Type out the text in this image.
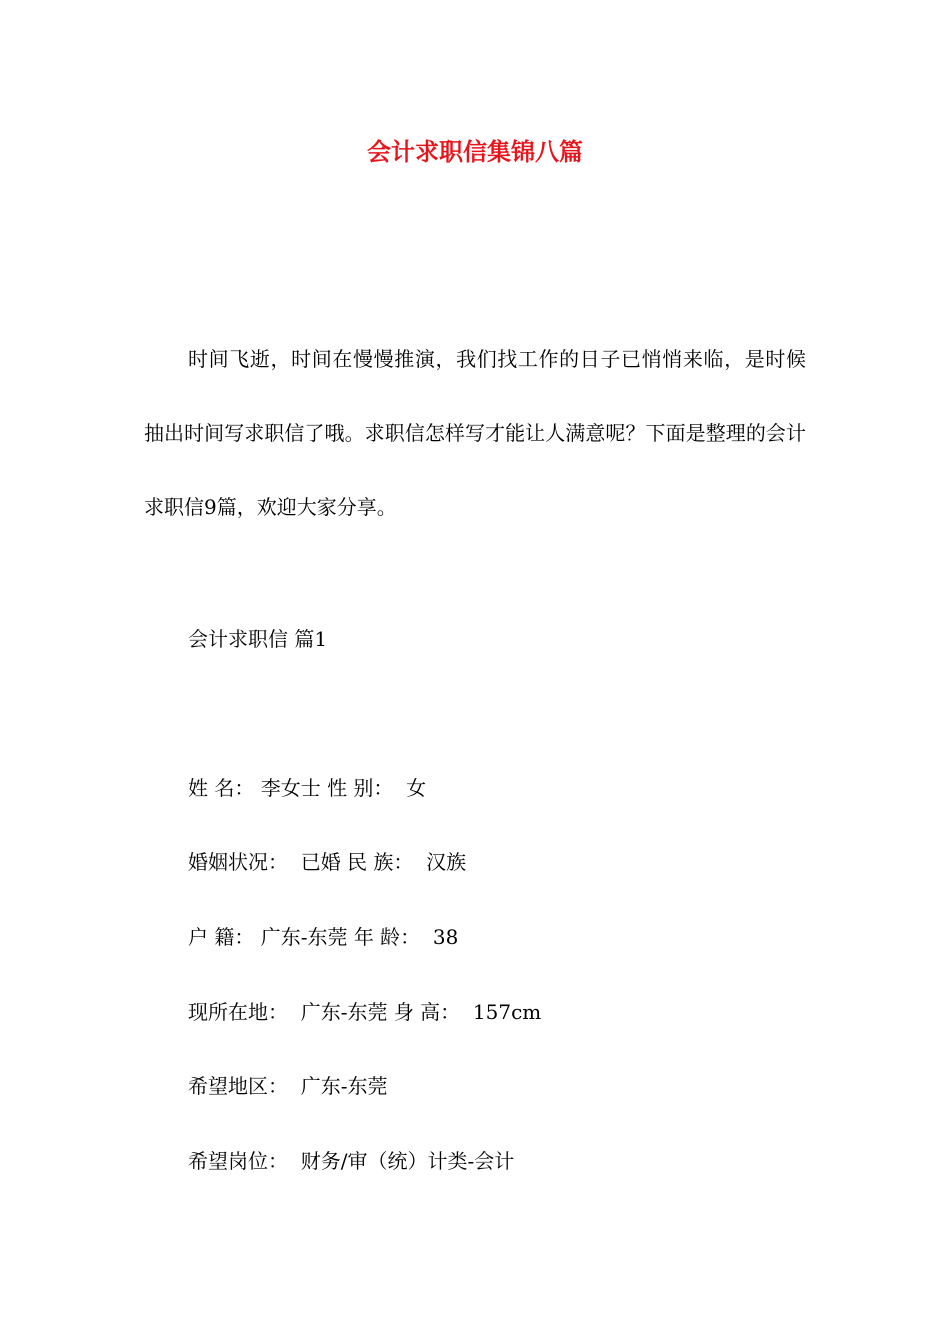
会计求职信集锦八篇

时间飞逝，时间在慢慢推演，我们找工作的日子已悄悄来临，是时候抽出时间写求职信了哦。求职信怎样写才能让人满意呢？下面是整理的会计求职信9篇，欢迎大家分享。

会计求职信 篇1

姓 名： 李女士 性 别：  女

婚姻状况：  已婚 民 族：  汉族

户 籍： 广东-东莞 年 龄：  38

现所在地：  广东-东莞 身 高：  157cm

希望地区：  广东-东莞

希望岗位：  财务/审（统）计类-会计
